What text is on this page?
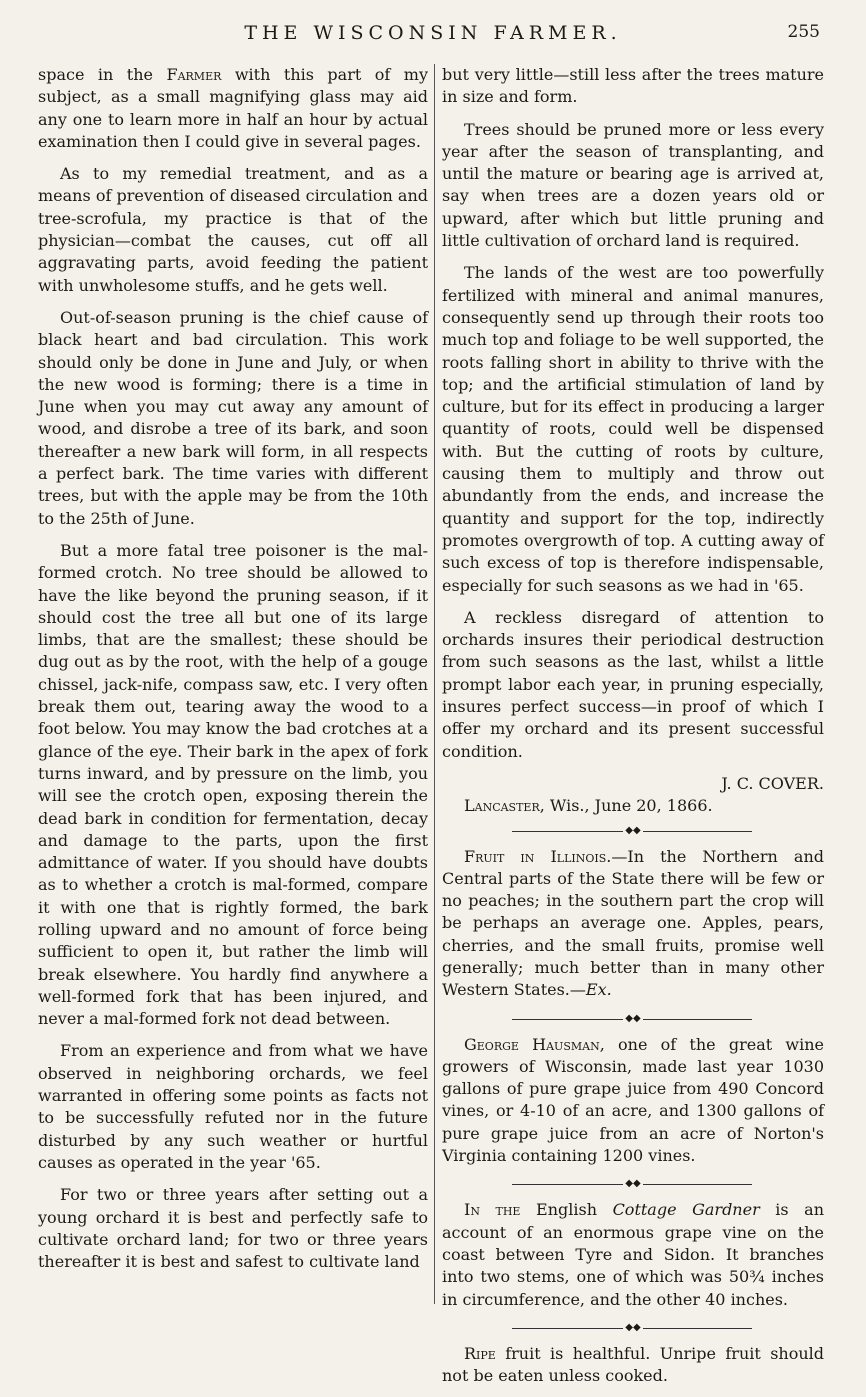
THE WISCONSIN FARMER.	255

space in the Farmer with this part of my subject, as a small magnifying glass may aid any one to learn more in half an hour by actual examination then I could give in several pages.

As to my remedial treatment, and as a means of prevention of diseased circulation and tree-scrofula, my practice is that of the physician—combat the causes, cut off all aggravating parts, avoid feeding the patient with unwholesome stuffs, and he gets well.

Out-of-season pruning is the chief cause of black heart and bad circulation. This work should only be done in June and July, or when the new wood is forming; there is a time in June when you may cut away any amount of wood, and disrobe a tree of its bark, and soon thereafter a new bark will form, in all respects a perfect bark. The time varies with different trees, but with the apple may be from the 10th to the 25th of June.

But a more fatal tree poisoner is the mal-formed crotch. No tree should be allowed to have the like beyond the pruning season, if it should cost the tree all but one of its large limbs, that are the smallest; these should be dug out as by the root, with the help of a gouge chissel, jack-nife, compass saw, etc. I very often break them out, tearing away the wood to a foot below. You may know the bad crotches at a glance of the eye. Their bark in the apex of fork turns inward, and by pressure on the limb, you will see the crotch open, exposing therein the dead bark in condition for fermentation, decay and damage to the parts, upon the first admittance of water. If you should have doubts as to whether a crotch is mal-formed, compare it with one that is rightly formed, the bark rolling upward and no amount of force being sufficient to open it, but rather the limb will break elsewhere. You hardly find anywhere a well-formed fork that has been injured, and never a mal-formed fork not dead between.

From an experience and from what we have observed in neighboring orchards, we feel warranted in offering some points as facts not to be successfully refuted nor in the future disturbed by any such weather or hurtful causes as operated in the year '65.

For two or three years after setting out a young orchard it is best and perfectly safe to cultivate orchard land; for two or three years thereafter it is best and safest to cultivate land

but very little—still less after the trees mature in size and form.

Trees should be pruned more or less every year after the season of transplanting, and until the mature or bearing age is arrived at, say when trees are a dozen years old or upward, after which but little pruning and little cultivation of orchard land is required.

The lands of the west are too powerfully fertilized with mineral and animal manures, consequently send up through their roots too much top and foliage to be well supported, the roots falling short in ability to thrive with the top; and the artificial stimulation of land by culture, but for its effect in producing a larger quantity of roots, could well be dispensed with. But the cutting of roots by culture, causing them to multiply and throw out abundantly from the ends, and increase the quantity and support for the top, indirectly promotes overgrowth of top. A cutting away of such excess of top is therefore indispensable, especially for such seasons as we had in '65.

A reckless disregard of attention to orchards insures their periodical destruction from such seasons as the last, whilst a little prompt labor each year, in pruning especially, insures perfect success—in proof of which I offer my orchard and its present successful condition.

J. C. COVER.

Lancaster, Wis., June 20, 1866.

◆◆

Fruit in Illinois.—In the Northern and Central parts of the State there will be few or no peaches; in the southern part the crop will be perhaps an average one. Apples, pears, cherries, and the small fruits, promise well generally; much better than in many other Western States.—Ex.

◆◆

George Hausman, one of the great wine growers of Wisconsin, made last year 1030 gallons of pure grape juice from 490 Concord vines, or 4-10 of an acre, and 1300 gallons of pure grape juice from an acre of Norton's Virginia containing 1200 vines.

◆◆

In the English Cottage Gardner is an account of an enormous grape vine on the coast between Tyre and Sidon. It branches into two stems, one of which was 50¾ inches in circumference, and the other 40 inches.

◆◆

Ripe fruit is healthful. Unripe fruit should not be eaten unless cooked.
